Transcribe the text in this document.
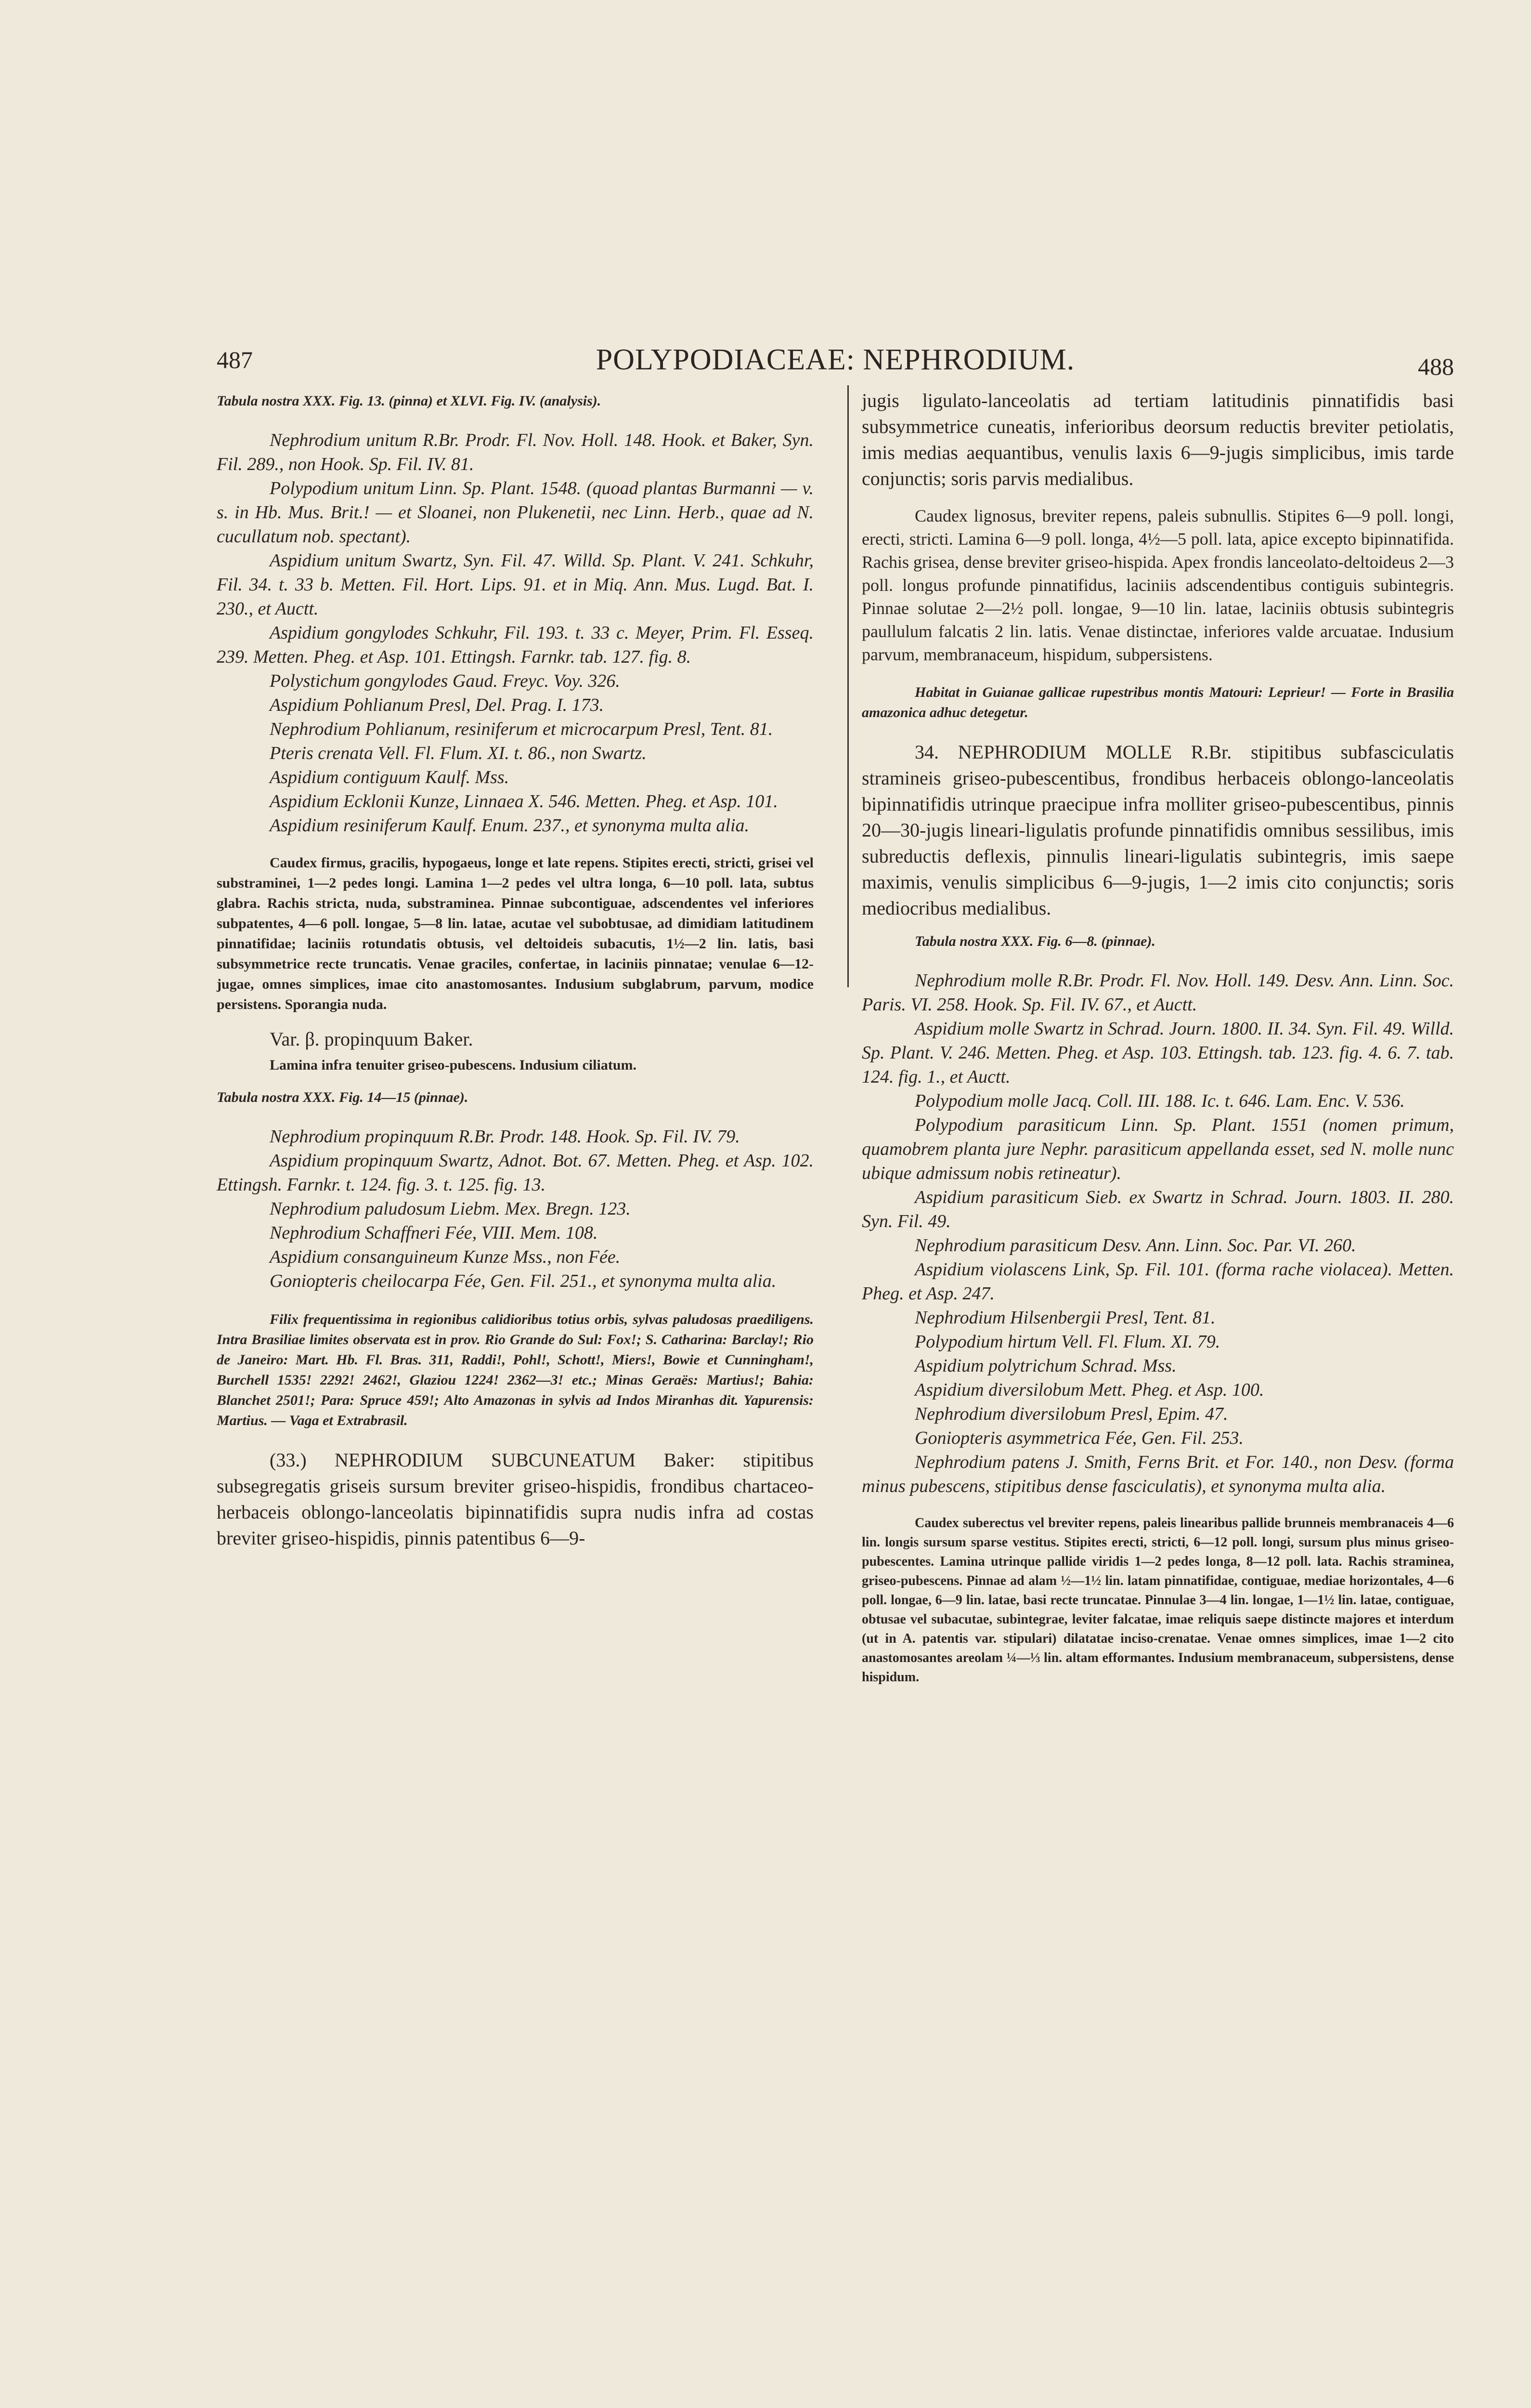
487	POLYPODIACEAE: NEPHRODIUM.	488

Tabula nostra XXX. Fig. 13. (pinna) et XLVI. Fig. IV. (analysis).

Nephrodium unitum R.Br. Prodr. Fl. Nov. Holl. 148. Hook. et Baker, Syn. Fil. 289., non Hook. Sp. Fil. IV. 81.

Polypodium unitum Linn. Sp. Plant. 1548. (quoad plantas Burmanni — v. s. in Hb. Mus. Brit.! — et Sloanei, non Plukenetii, nec Linn. Herb., quae ad N. cucullatum nob. spectant).

Aspidium unitum Swartz, Syn. Fil. 47. Willd. Sp. Plant. V. 241. Schkuhr, Fil. 34. t. 33 b. Metten. Fil. Hort. Lips. 91. et in Miq. Ann. Mus. Lugd. Bat. I. 230., et Auctt.

Aspidium gongylodes Schkuhr, Fil. 193. t. 33 c. Meyer, Prim. Fl. Esseq. 239. Metten. Pheg. et Asp. 101. Ettingsh. Farnkr. tab. 127. fig. 8.

Polystichum gongylodes Gaud. Freyc. Voy. 326.

Aspidium Pohlianum Presl, Del. Prag. I. 173.

Nephrodium Pohlianum, resiniferum et microcarpum Presl, Tent. 81.

Pteris crenata Vell. Fl. Flum. XI. t. 86., non Swartz.

Aspidium contiguum Kaulf. Mss.

Aspidium Ecklonii Kunze, Linnaea X. 546. Metten. Pheg. et Asp. 101.

Aspidium resiniferum Kaulf. Enum. 237., et synonyma multa alia.

Caudex firmus, gracilis, hypogaeus, longe et late repens. Stipites erecti, stricti, grisei vel substraminei, 1—2 pedes longi. Lamina 1—2 pedes vel ultra longa, 6—10 poll. lata, subtus glabra. Rachis stricta, nuda, substraminea. Pinnae subcontiguae, adscendentes vel inferiores subpatentes, 4—6 poll. longae, 5—8 lin. latae, acutae vel subobtusae, ad dimidiam latitudinem pinnatifidae; laciniis rotundatis obtusis, vel deltoideis subacutis, 1½—2 lin. latis, basi subsymmetrice recte truncatis. Venae graciles, confertae, in laciniis pinnatae; venulae 6—12-jugae, omnes simplices, imae cito anastomosantes. Indusium subglabrum, parvum, modice persistens. Sporangia nuda.

Var. β. propinquum Baker.

Lamina infra tenuiter griseo-pubescens. Indusium ciliatum.

Tabula nostra XXX. Fig. 14—15 (pinnae).

Nephrodium propinquum R.Br. Prodr. 148. Hook. Sp. Fil. IV. 79.

Aspidium propinquum Swartz, Adnot. Bot. 67. Metten. Pheg. et Asp. 102. Ettingsh. Farnkr. t. 124. fig. 3. t. 125. fig. 13.

Nephrodium paludosum Liebm. Mex. Bregn. 123.

Nephrodium Schaffneri Fée, VIII. Mem. 108.

Aspidium consanguineum Kunze Mss., non Fée.

Goniopteris cheilocarpa Fée, Gen. Fil. 251., et synonyma multa alia.

Filix frequentissima in regionibus calidioribus totius orbis, sylvas paludosas praediligens. Intra Brasiliae limites observata est in prov. Rio Grande do Sul: Fox!; S. Catharina: Barclay!; Rio de Janeiro: Mart. Hb. Fl. Bras. 311, Raddi!, Pohl!, Schott!, Miers!, Bowie et Cunningham!, Burchell 1535! 2292! 2462!, Glaziou 1224! 2362—3! etc.; Minas Geraës: Martius!; Bahia: Blanchet 2501!; Para: Spruce 459!; Alto Amazonas in sylvis ad Indos Miranhas dit. Yapurensis: Martius. — Vaga et Extrabrasil.

(33.) NEPHRODIUM SUBCUNEATUM Baker: stipitibus subsegregatis griseis sursum breviter griseo-hispidis, frondibus chartaceo-herbaceis oblongo-lanceolatis bipinnatifidis supra nudis infra ad costas breviter griseo-hispidis, pinnis patentibus 6—9-

jugis ligulato-lanceolatis ad tertiam latitudinis pinnatifidis basi subsymmetrice cuneatis, inferioribus deorsum reductis breviter petiolatis, imis medias aequantibus, venulis laxis 6—9-jugis simplicibus, imis tarde conjunctis; soris parvis medialibus.

Caudex lignosus, breviter repens, paleis subnullis. Stipites 6—9 poll. longi, erecti, stricti. Lamina 6—9 poll. longa, 4½—5 poll. lata, apice excepto bipinnatifida. Rachis grisea, dense breviter griseo-hispida. Apex frondis lanceolato-deltoideus 2—3 poll. longus profunde pinnatifidus, laciniis adscendentibus contiguis subintegris. Pinnae solutae 2—2½ poll. longae, 9—10 lin. latae, laciniis obtusis subintegris paullulum falcatis 2 lin. latis. Venae distinctae, inferiores valde arcuatae. Indusium parvum, membranaceum, hispidum, subpersistens.

Habitat in Guianae gallicae rupestribus montis Matouri: Leprieur! — Forte in Brasilia amazonica adhuc detegetur.

34. NEPHRODIUM MOLLE R.Br. stipitibus subfasciculatis stramineis griseo-pubescentibus, frondibus herbaceis oblongo-lanceolatis bipinnatifidis utrinque praecipue infra molliter griseo-pubescentibus, pinnis 20—30-jugis lineari-ligulatis profunde pinnatifidis omnibus sessilibus, imis subreductis deflexis, pinnulis lineari-ligulatis subintegris, imis saepe maximis, venulis simplicibus 6—9-jugis, 1—2 imis cito conjunctis; soris mediocribus medialibus.

Tabula nostra XXX. Fig. 6—8. (pinnae).

Nephrodium molle R.Br. Prodr. Fl. Nov. Holl. 149. Desv. Ann. Linn. Soc. Paris. VI. 258. Hook. Sp. Fil. IV. 67., et Auctt.

Aspidium molle Swartz in Schrad. Journ. 1800. II. 34. Syn. Fil. 49. Willd. Sp. Plant. V. 246. Metten. Pheg. et Asp. 103. Ettingsh. tab. 123. fig. 4. 6. 7. tab. 124. fig. 1., et Auctt.

Polypodium molle Jacq. Coll. III. 188. Ic. t. 646. Lam. Enc. V. 536.

Polypodium parasiticum Linn. Sp. Plant. 1551 (nomen primum, quamobrem planta jure Nephr. parasiticum appellanda esset, sed N. molle nunc ubique admissum nobis retineatur).

Aspidium parasiticum Sieb. ex Swartz in Schrad. Journ. 1803. II. 280. Syn. Fil. 49.

Nephrodium parasiticum Desv. Ann. Linn. Soc. Par. VI. 260.

Aspidium violascens Link, Sp. Fil. 101. (forma rache violacea). Metten. Pheg. et Asp. 247.

Nephrodium Hilsenbergii Presl, Tent. 81.

Polypodium hirtum Vell. Fl. Flum. XI. 79.

Aspidium polytrichum Schrad. Mss.

Aspidium diversilobum Mett. Pheg. et Asp. 100.

Nephrodium diversilobum Presl, Epim. 47.

Goniopteris asymmetrica Fée, Gen. Fil. 253.

Nephrodium patens J. Smith, Ferns Brit. et For. 140., non Desv. (forma minus pubescens, stipitibus dense fasciculatis), et synonyma multa alia.

Caudex suberectus vel breviter repens, paleis linearibus pallide brunneis membranaceis 4—6 lin. longis sursum sparse vestitus. Stipites erecti, stricti, 6—12 poll. longi, sursum plus minus griseo-pubescentes. Lamina utrinque pallide viridis 1—2 pedes longa, 8—12 poll. lata. Rachis straminea, griseo-pubescens. Pinnae ad alam ½—1½ lin. latam pinnatifidae, contiguae, mediae horizontales, 4—6 poll. longae, 6—9 lin. latae, basi recte truncatae. Pinnulae 3—4 lin. longae, 1—1½ lin. latae, contiguae, obtusae vel subacutae, subintegrae, leviter falcatae, imae reliquis saepe distincte majores et interdum (ut in A. patentis var. stipulari) dilatatae inciso-crenatae. Venae omnes simplices, imae 1—2 cito anastomosantes areolam ¼—⅓ lin. altam efformantes. Indusium membranaceum, subpersistens, dense hispidum.
